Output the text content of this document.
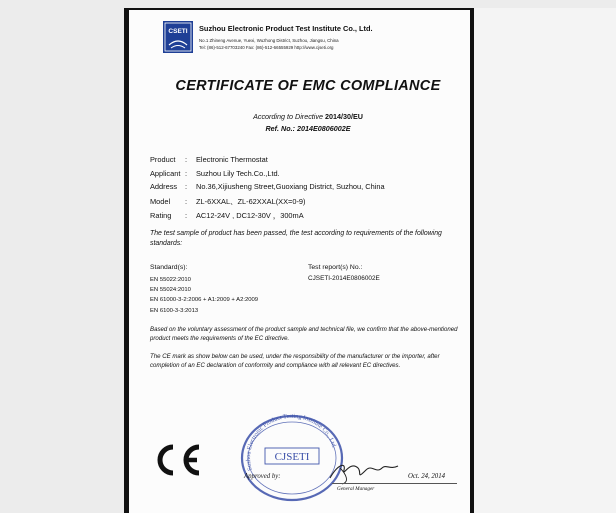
CSETI Suzhou Electronic Product Test Institute Co., Ltd.
No.1 Zhineng Avenue, Yuexi, Wuzhong District, Suzhou, Jiangsu, China
Tel: (86)-512-67703240 Fax: (86)-512-66555929 http://www.cjseti.org
CERTIFICATE OF EMC COMPLIANCE
According to Directive 2014/30/EU
Ref. No.: 2014E0806002E
Product : Electronic Thermostat
Applicant : Suzhou Lily Tech.Co.,Ltd.
Address : No.36,Xijiusheng Street,Guoxiang District, Suzhou, China
Model : ZL-6XXAL、ZL-62XXAL(XX=0-9)
Rating : AC12-24V , DC12-30V ，300mA
The test sample of product has been passed, the test according to requirements of the following standards:
Standard(s):
EN 55022:2010
EN 55024:2010
EN 61000-3-2:2006 + A1:2009 + A2:2009
EN 6100-3-3:2013
Test report(s) No.:
CJSETI-2014E0806002E
Based on the voluntary assessment of the product sample and technical file, we confirm that the above-mentioned product meets the requirements of the EC directive.
The CE mark as show below can be used, under the responsibility of the manufacturer or the importer, after completion of an EC declaration of conformity and compliance with all relevant EC directives.
Suzhou Electronic Product Testing Institute Co., Ltd.
CJSETI
Approved by:	Oct. 24, 2014
General Manager
